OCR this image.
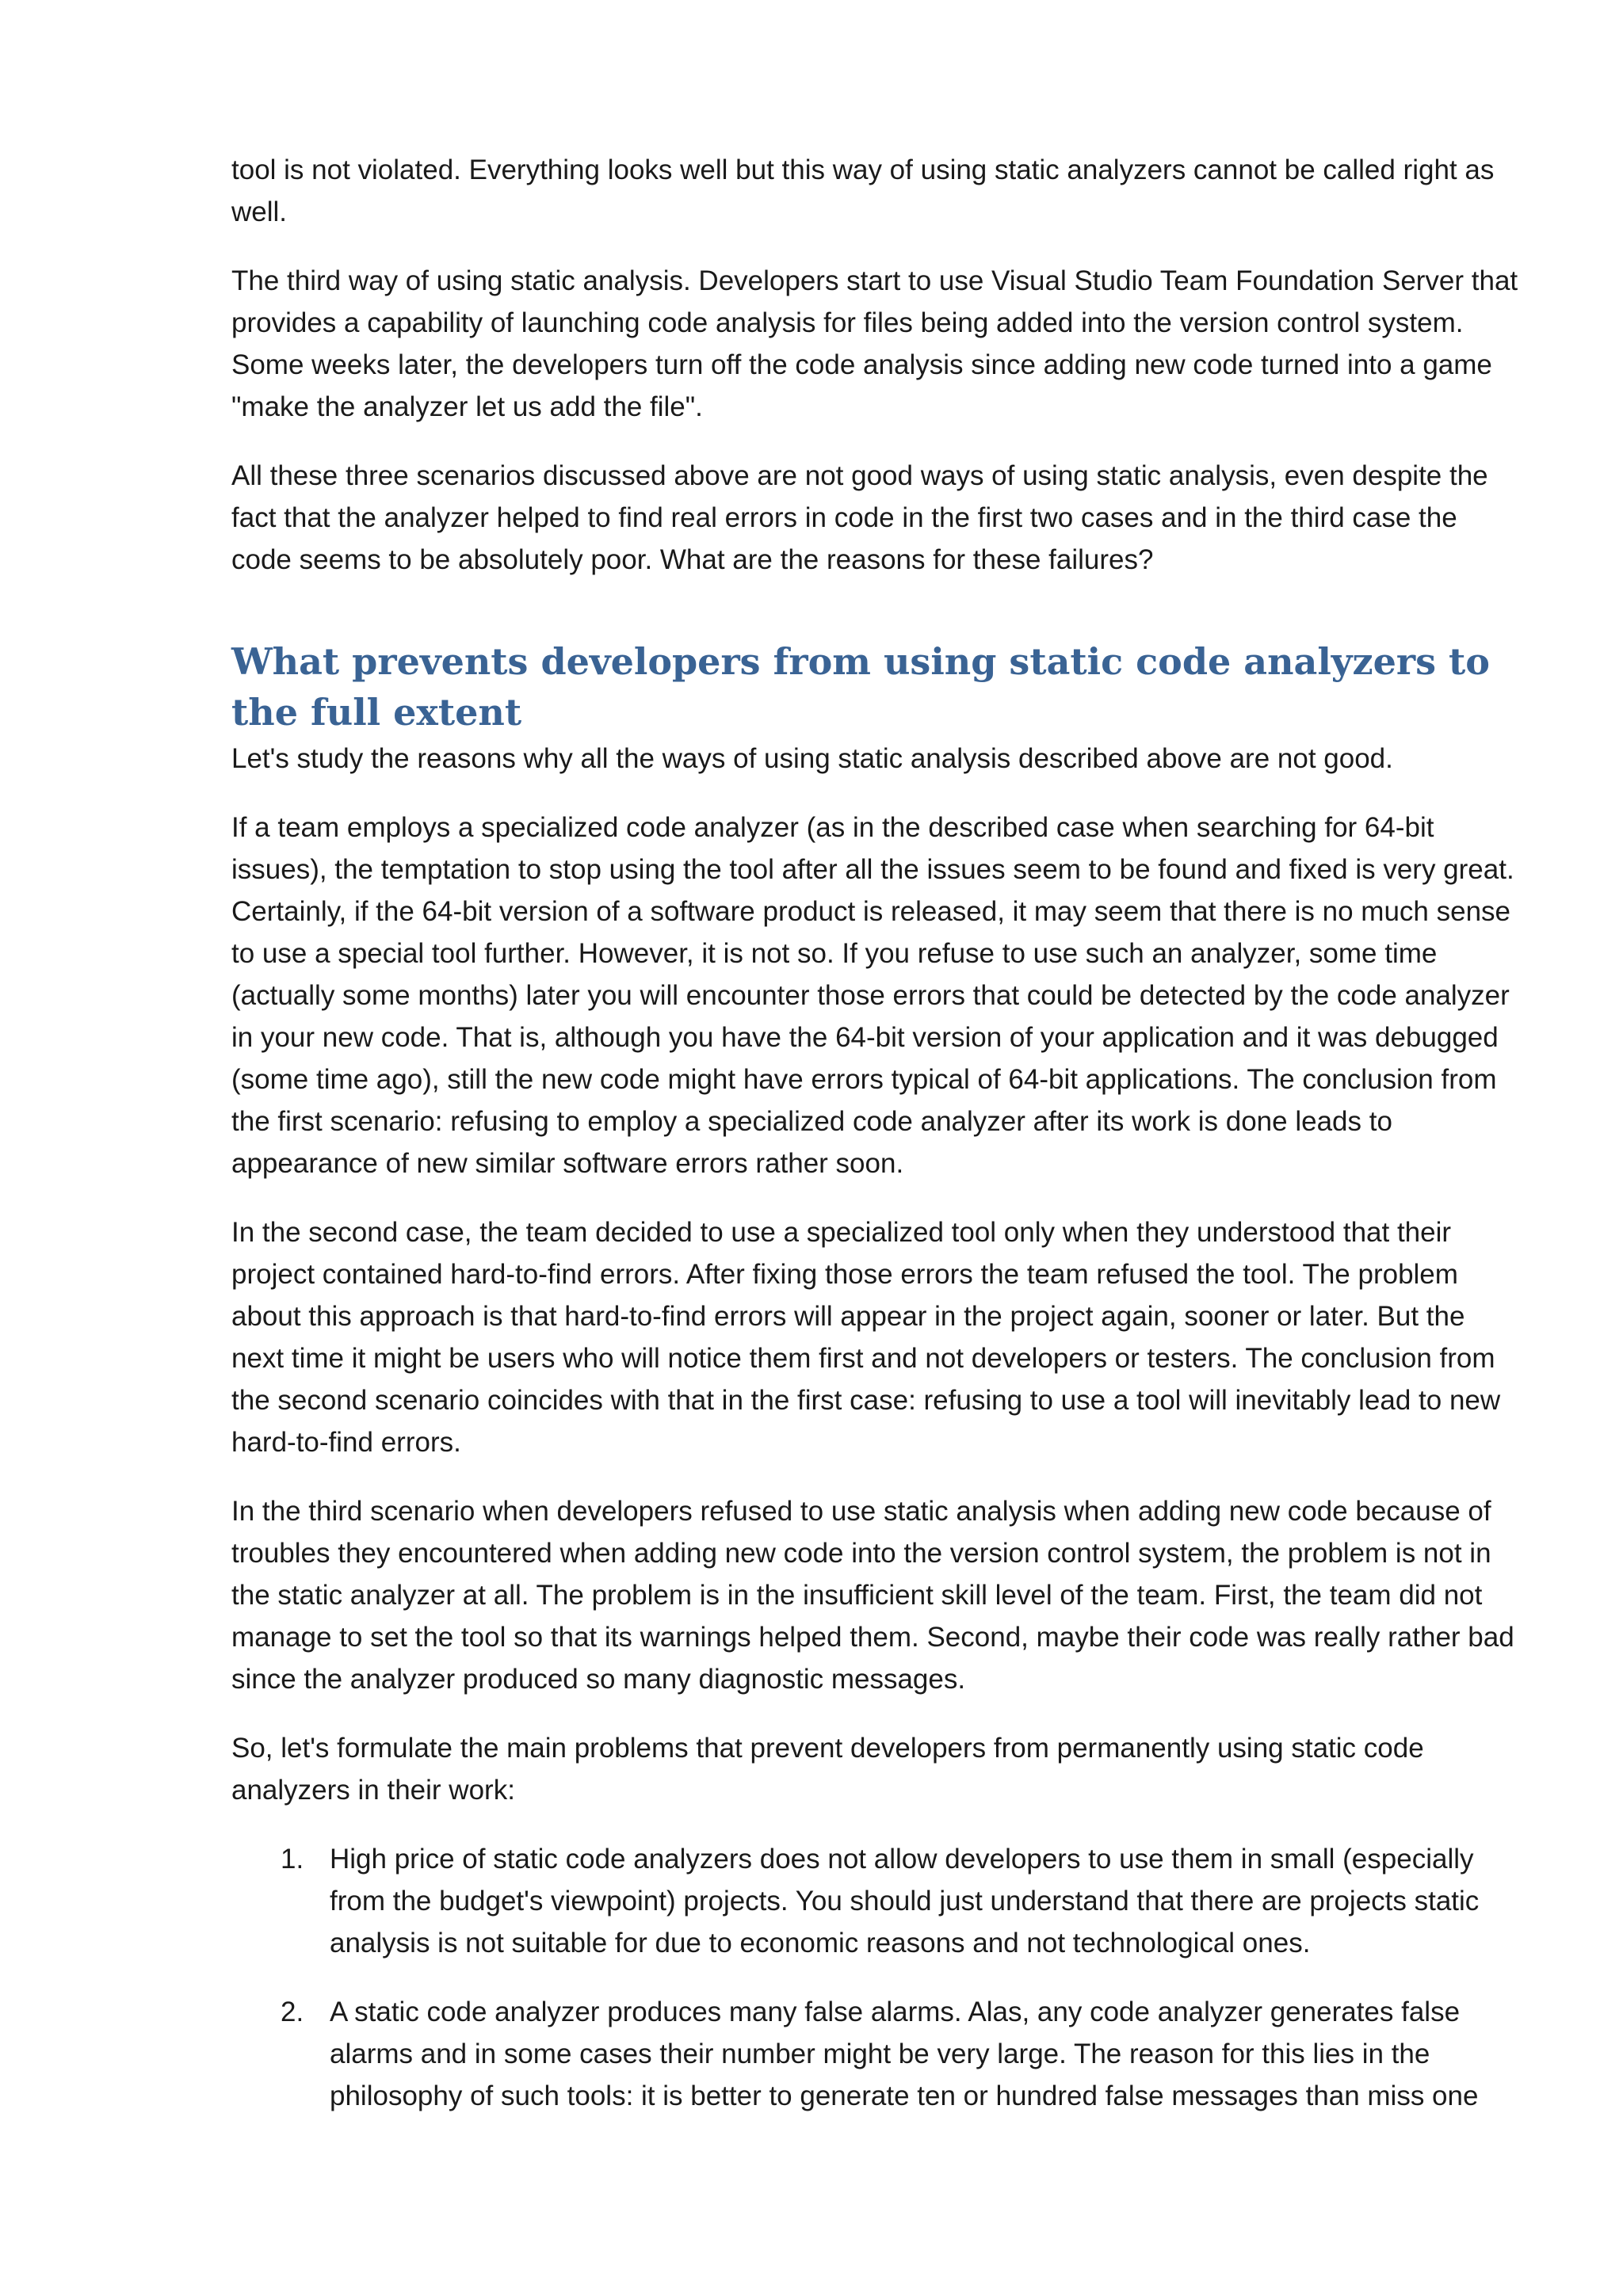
tool is not violated. Everything looks well but this way of using static analyzers cannot be called right as well.

The third way of using static analysis. Developers start to use Visual Studio Team Foundation Server that provides a capability of launching code analysis for files being added into the version control system. Some weeks later, the developers turn off the code analysis since adding new code turned into a game "make the analyzer let us add the file".

All these three scenarios discussed above are not good ways of using static analysis, even despite the fact that the analyzer helped to find real errors in code in the first two cases and in the third case the code seems to be absolutely poor. What are the reasons for these failures?

What prevents developers from using static code analyzers to the full extent

Let's study the reasons why all the ways of using static analysis described above are not good.

If a team employs a specialized code analyzer (as in the described case when searching for 64-bit issues), the temptation to stop using the tool after all the issues seem to be found and fixed is very great. Certainly, if the 64-bit version of a software product is released, it may seem that there is no much sense to use a special tool further. However, it is not so. If you refuse to use such an analyzer, some time (actually some months) later you will encounter those errors that could be detected by the code analyzer in your new code. That is, although you have the 64-bit version of your application and it was debugged (some time ago), still the new code might have errors typical of 64-bit applications. The conclusion from the first scenario: refusing to employ a specialized code analyzer after its work is done leads to appearance of new similar software errors rather soon.

In the second case, the team decided to use a specialized tool only when they understood that their project contained hard-to-find errors. After fixing those errors the team refused the tool. The problem about this approach is that hard-to-find errors will appear in the project again, sooner or later. But the next time it might be users who will notice them first and not developers or testers. The conclusion from the second scenario coincides with that in the first case: refusing to use a tool will inevitably lead to new hard-to-find errors.

In the third scenario when developers refused to use static analysis when adding new code because of troubles they encountered when adding new code into the version control system, the problem is not in the static analyzer at all. The problem is in the insufficient skill level of the team. First, the team did not manage to set the tool so that its warnings helped them. Second, maybe their code was really rather bad since the analyzer produced so many diagnostic messages.

So, let's formulate the main problems that prevent developers from permanently using static code analyzers in their work:

1. High price of static code analyzers does not allow developers to use them in small (especially from the budget's viewpoint) projects. You should just understand that there are projects static analysis is not suitable for due to economic reasons and not technological ones.
2. A static code analyzer produces many false alarms. Alas, any code analyzer generates false alarms and in some cases their number might be very large. The reason for this lies in the philosophy of such tools: it is better to generate ten or hundred false messages than miss one
